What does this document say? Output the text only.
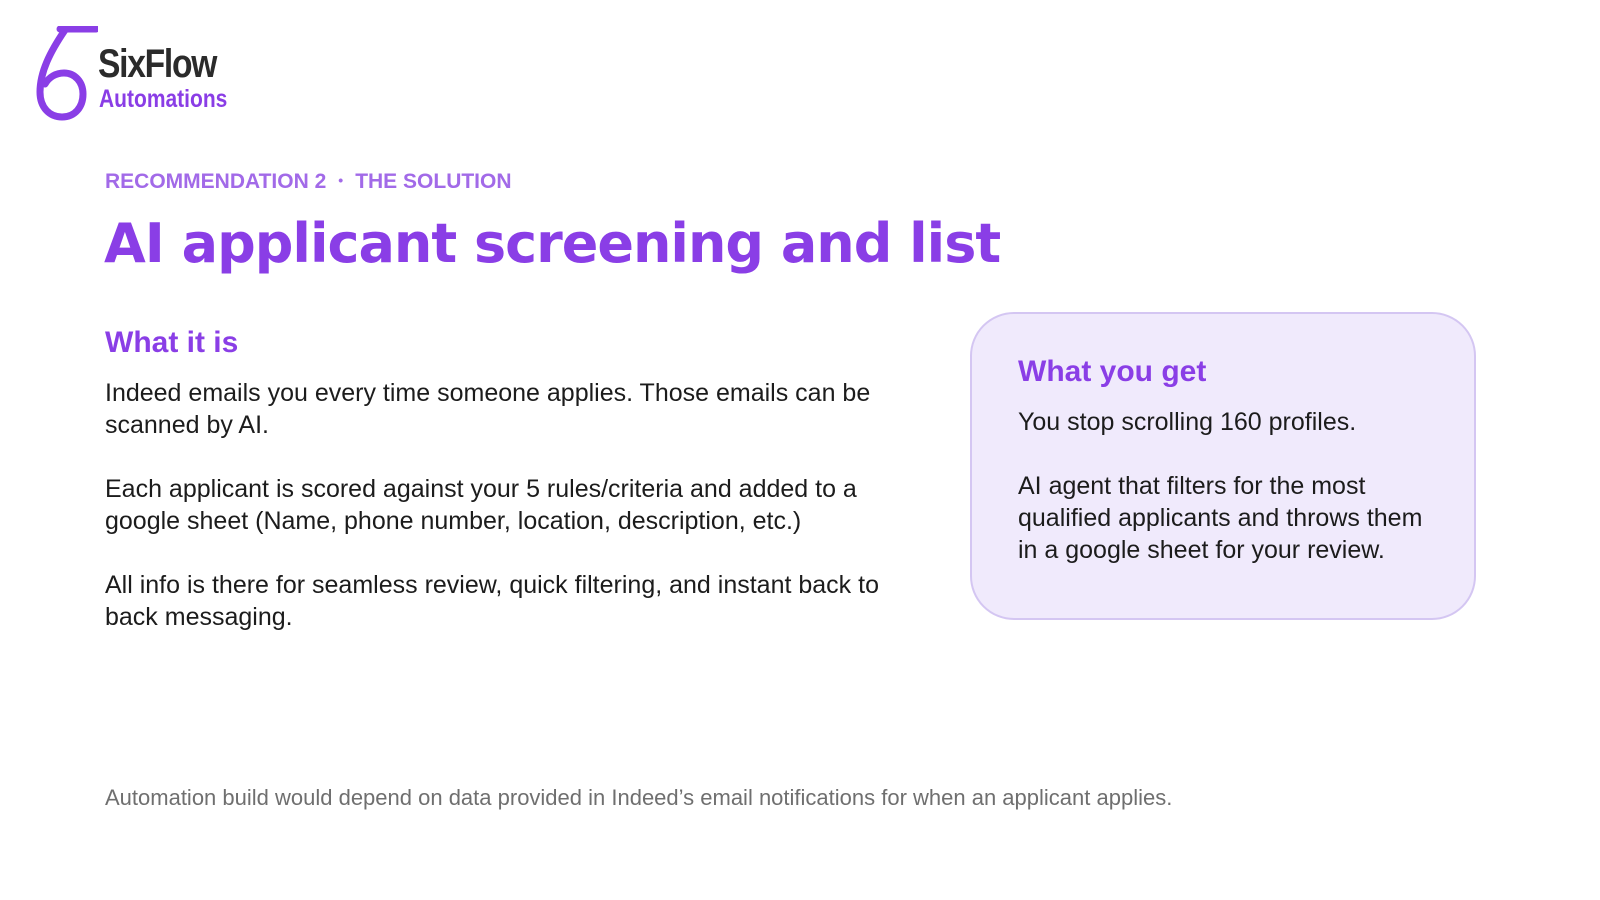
SixFlow
Automations
RECOMMENDATION 2 • THE SOLUTION
AI applicant screening and list
What it is
Indeed emails you every time someone applies. Those emails can be scanned by AI.
Each applicant is scored against your 5 rules/criteria and added to a google sheet (Name, phone number, location, description, etc.)
All info is there for seamless review, quick filtering, and instant back to back messaging.
What you get
You stop scrolling 160 profiles.
AI agent that filters for the most qualified applicants and throws them in a google sheet for your review.
Automation build would depend on data provided in Indeed’s email notifications for when an applicant applies.
